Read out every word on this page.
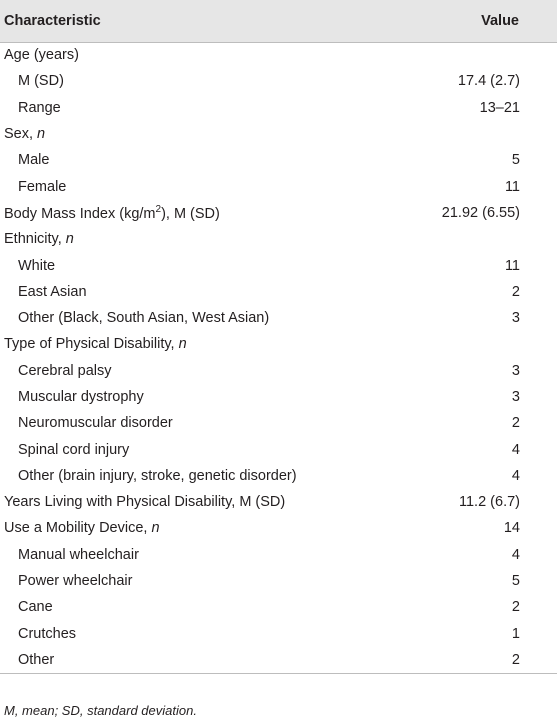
Characteristic	Value
Age (years)	
M (SD)	17.4 (2.7)
Range	13–21
Sex, n	
Male	5
Female	11
Body Mass Index $(kg/m^2)$, M (SD)	21.92 (6.55)
Ethnicity, n	
White	11
East Asian	2
Other (Black, South Asian, West Asian)	3
Type of Physical Disability, n	
Cerebral palsy	3
Muscular dystrophy	3
Neuromuscular disorder	2
Spinal cord injury	4
Other (brain injury, stroke, genetic disorder)	4
Years Living with Physical Disability, M (SD)	11.2 (6.7)
Use a Mobility Device, n	14
Manual wheelchair	4
Power wheelchair	5
Cane	2
Crutches	1
Other	2
M, mean; SD, standard deviation.
